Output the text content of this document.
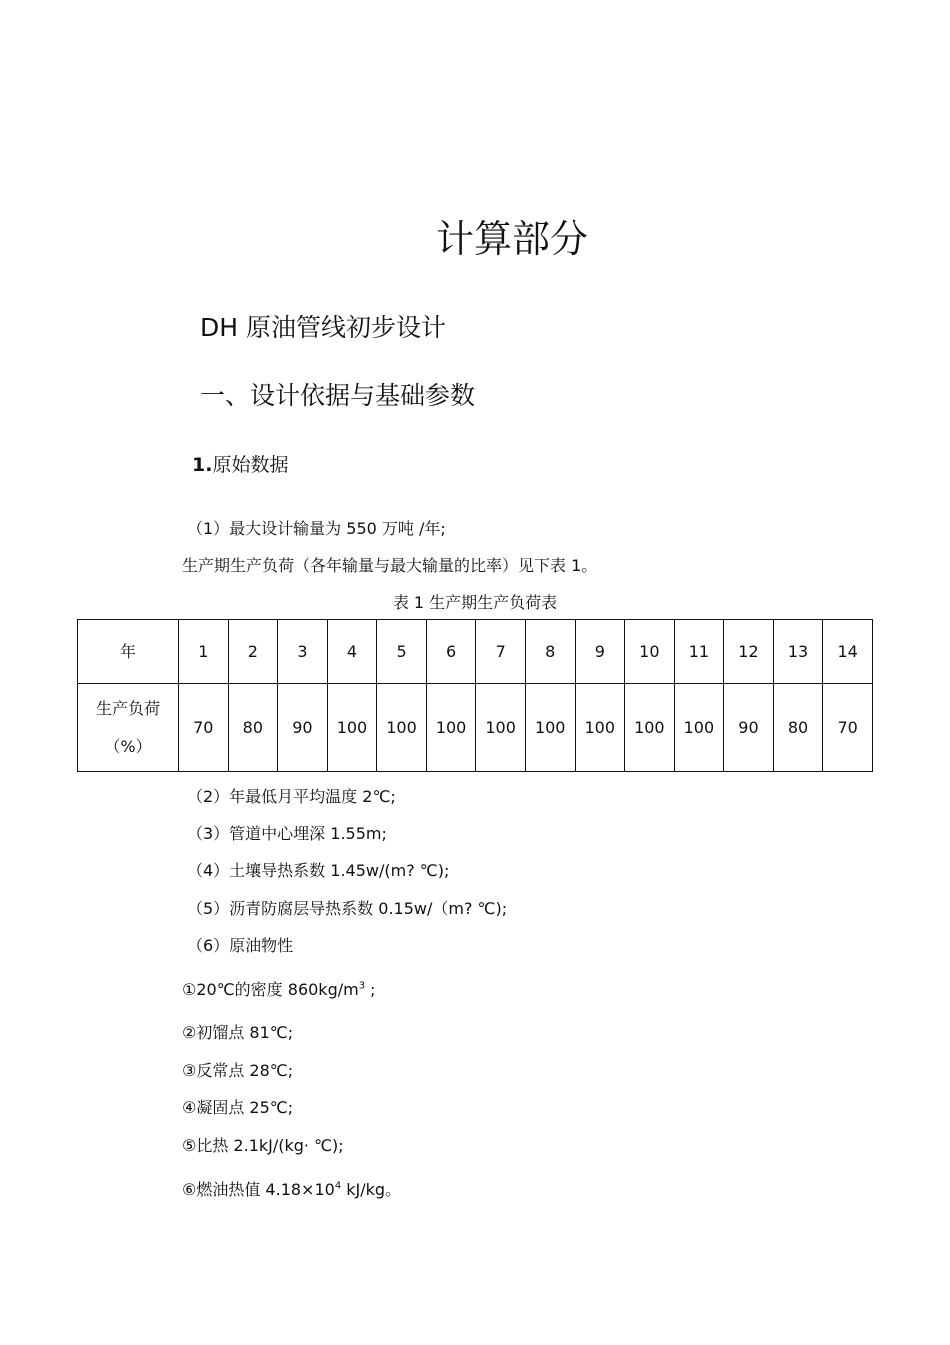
计算部分
DH 原油管线初步设计
一、设计依据与基础参数
1.原始数据
（1）最大设计输量为 550 万吨 /年;
生产期生产负荷（各年输量与最大输量的比率）见下表 1。
表 1 生产期生产负荷表
年	1	2	3	4	5	6	7	8	9	10	11	12	13	14
生产负荷
（%）	70	80	90	100	100	100	100	100	100	100	100	90	80	70
（2）年最低月平均温度 2℃;
（3）管道中心埋深 1.55m;
（4）土壤导热系数 1.45w/(m? ℃);
（5）沥青防腐层导热系数 0.15w/（m? ℃);
（6）原油物性
①20℃的密度 $860kg/m^3$ ;
②初馏点 81℃;
③反常点 28℃;
④凝固点 25℃;
⑤比热 2.1kJ/(kg· ℃);
⑥燃油热值 $4.18\times 10^4$ kJ/kg。
